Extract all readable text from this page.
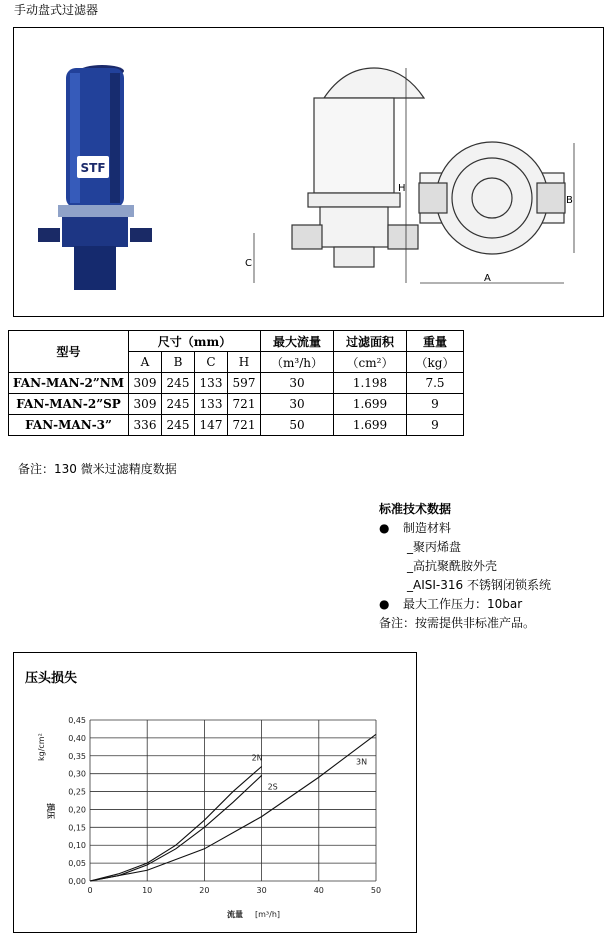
手动盘式过滤器
STF
H
C
A
B
型号	尺寸（mm）				最大流量	过滤面积	重量
	A	B	C	H	（m³/h）	（cm²）	（kg）
FAN-MAN-2”NM	309	245	133	597	30	1.198	7.5
FAN-MAN-2”SP	309	245	133	721	30	1.699	9
FAN-MAN-3”	336	245	147	721	50	1.699	9
备注：130 微米过滤精度数据
标准技术数据
●	制造材料
_聚丙烯盘
_高抗聚酰胺外壳
_AISI-316 不锈钢闭锁系统
●	最大工作压力：10bar
备注：按需提供非标准产品。
压头损失
0	10	20	30	40	50
0,00
0,05
0,10
0,15
0,20
0,25
0,30
0,35
0,40
0,45
2N
2S
3N
流量 [m³/h]
损压
kg/cm²
